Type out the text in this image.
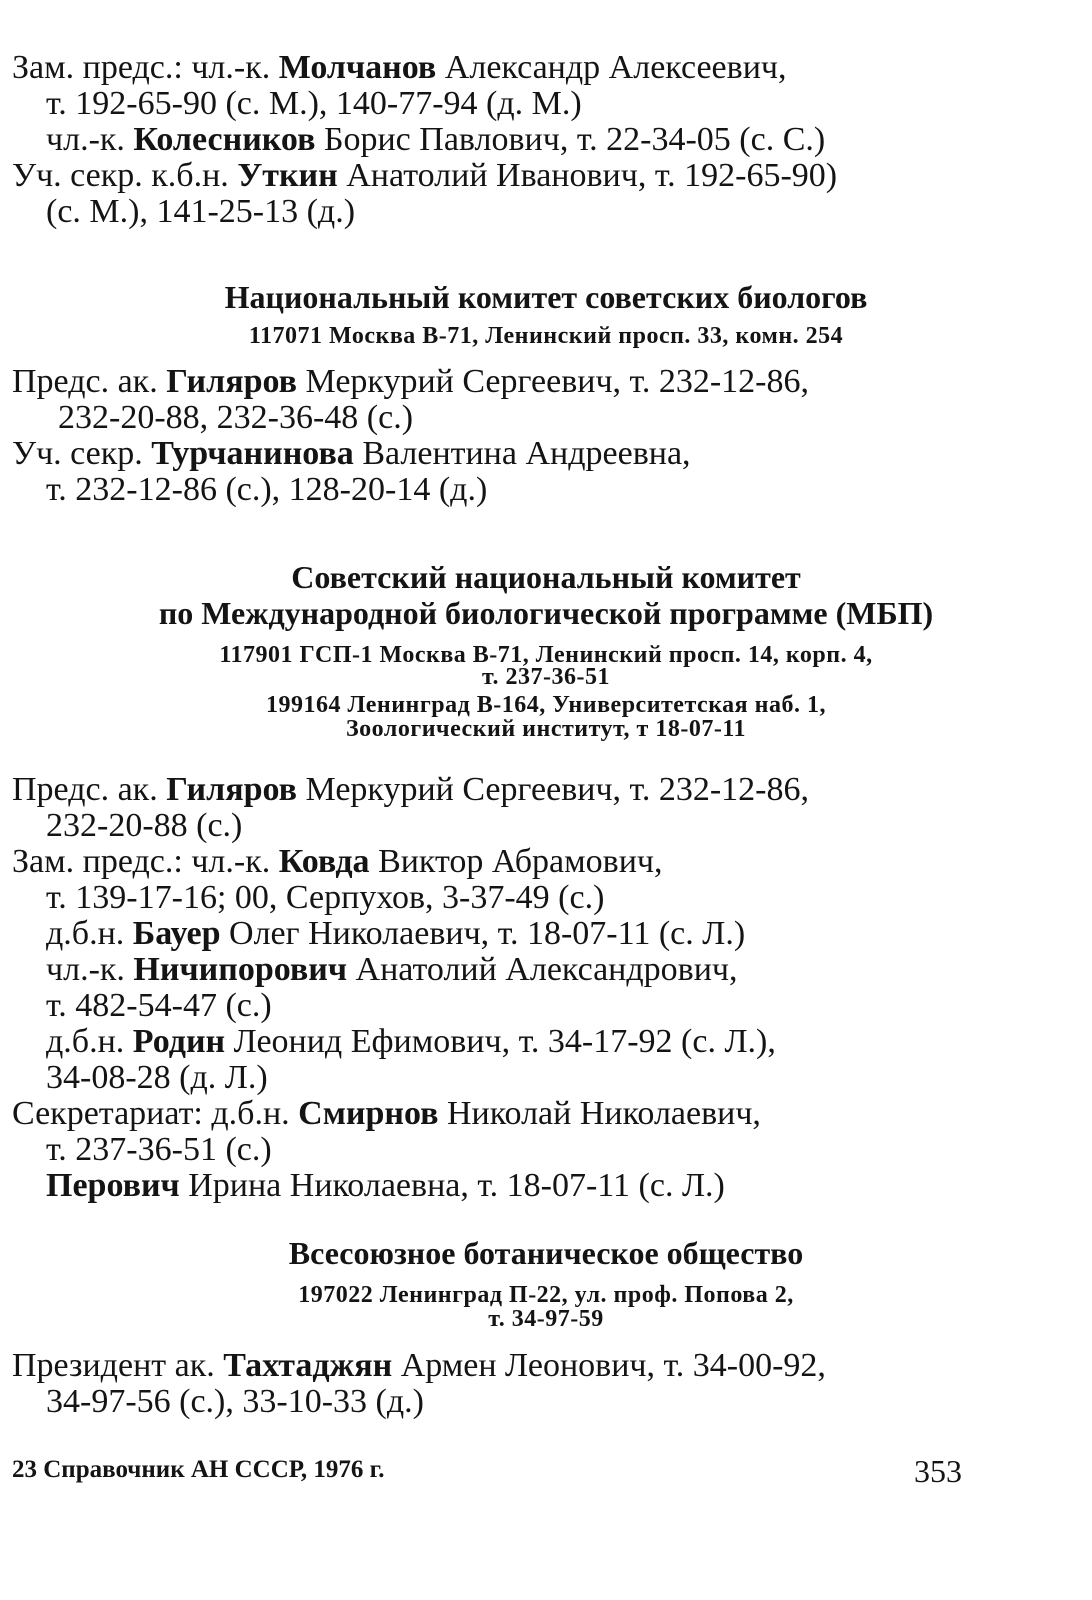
Зам. предс.: чл.-к. Молчанов Александр Алексеевич,
т. 192-65-90 (с. М.), 140-77-94 (д. М.)
чл.-к. Колесников Борис Павлович, т. 22-34-05 (с. С.)
Уч. секр. к.б.н. Уткин Анатолий Иванович, т. 192-65-90)
(с. М.), 141-25-13 (д.)
Национальный комитет советских биологов
117071 Москва В-71, Ленинский просп. 33, комн. 254
Предс. ак. Гиляров Меркурий Сергеевич, т. 232-12-86,
232-20-88, 232-36-48 (с.)
Уч. секр. Турчанинова Валентина Андреевна,
т. 232-12-86 (с.), 128-20-14 (д.)
Советский национальный комитет
по Международной биологической программе (МБП)
117901 ГСП-1 Москва В-71, Ленинский просп. 14, корп. 4,
т. 237-36-51
199164 Ленинград В-164, Университетская наб. 1,
Зоологический институт, т 18-07-11
Предс. ак. Гиляров Меркурий Сергеевич, т. 232-12-86,
232-20-88 (с.)
Зам. предс.: чл.-к. Ковда Виктор Абрамович,
т. 139-17-16; 00, Серпухов, 3-37-49 (с.)
д.б.н. Бауер Олег Николаевич, т. 18-07-11 (с. Л.)
чл.-к. Ничипорович Анатолий Александрович,
т. 482-54-47 (с.)
д.б.н. Родин Леонид Ефимович, т. 34-17-92 (с. Л.),
34-08-28 (д. Л.)
Секретариат: д.б.н. Смирнов Николай Николаевич,
т. 237-36-51 (с.)
Перович Ирина Николаевна, т. 18-07-11 (с. Л.)
Всесоюзное ботаническое общество
197022 Ленинград П-22, ул. проф. Попова 2,
т. 34-97-59
Президент ак. Тахтаджян Армен Леонович, т. 34-00-92,
34-97-56 (с.), 33-10-33 (д.)
23 Справочник АН СССР, 1976 г.	353
